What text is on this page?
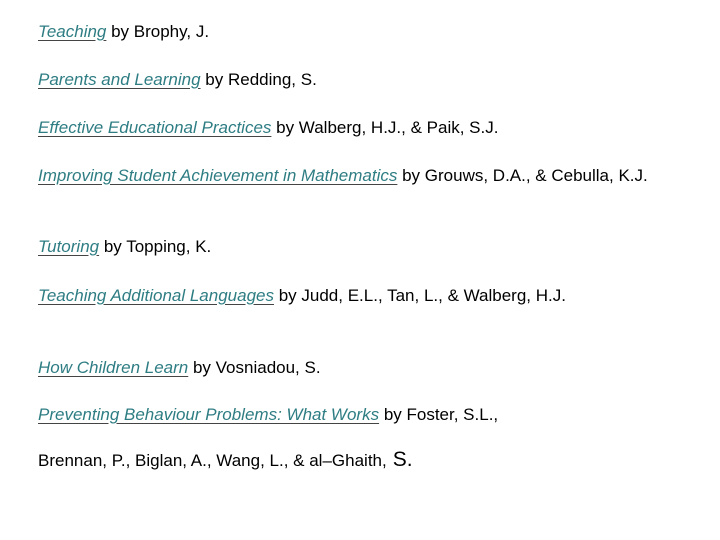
Teaching by Brophy, J.

Parents and Learning by Redding, S.

Effective Educational Practices by Walberg, H.J., & Paik, S.J.

Improving Student Achievement in Mathematics by Grouws, D.A., & Cebulla, K.J.

Tutoring by Topping, K.

Teaching Additional Languages by Judd, E.L., Tan, L., & Walberg, H.J.

How Children Learn by Vosniadou, S.

Preventing Behaviour Problems: What Works by Foster, S.L.,

Brennan, P., Biglan, A., Wang, L., & al–Ghaith, S.
